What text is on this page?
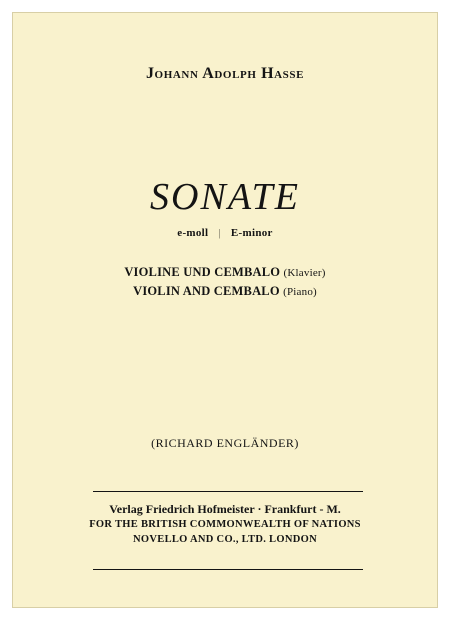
Johann Adolph Hasse
SONATE
e-moll | E-minor
VIOLINE UND CEMBALO (Klavier)
VIOLIN AND CEMBALO (Piano)
(RICHARD ENGLÄNDER)
Verlag Friedrich Hofmeister · Frankfurt - M.
FOR THE BRITISH COMMONWEALTH OF NATIONS
NOVELLO AND CO., LTD. LONDON
